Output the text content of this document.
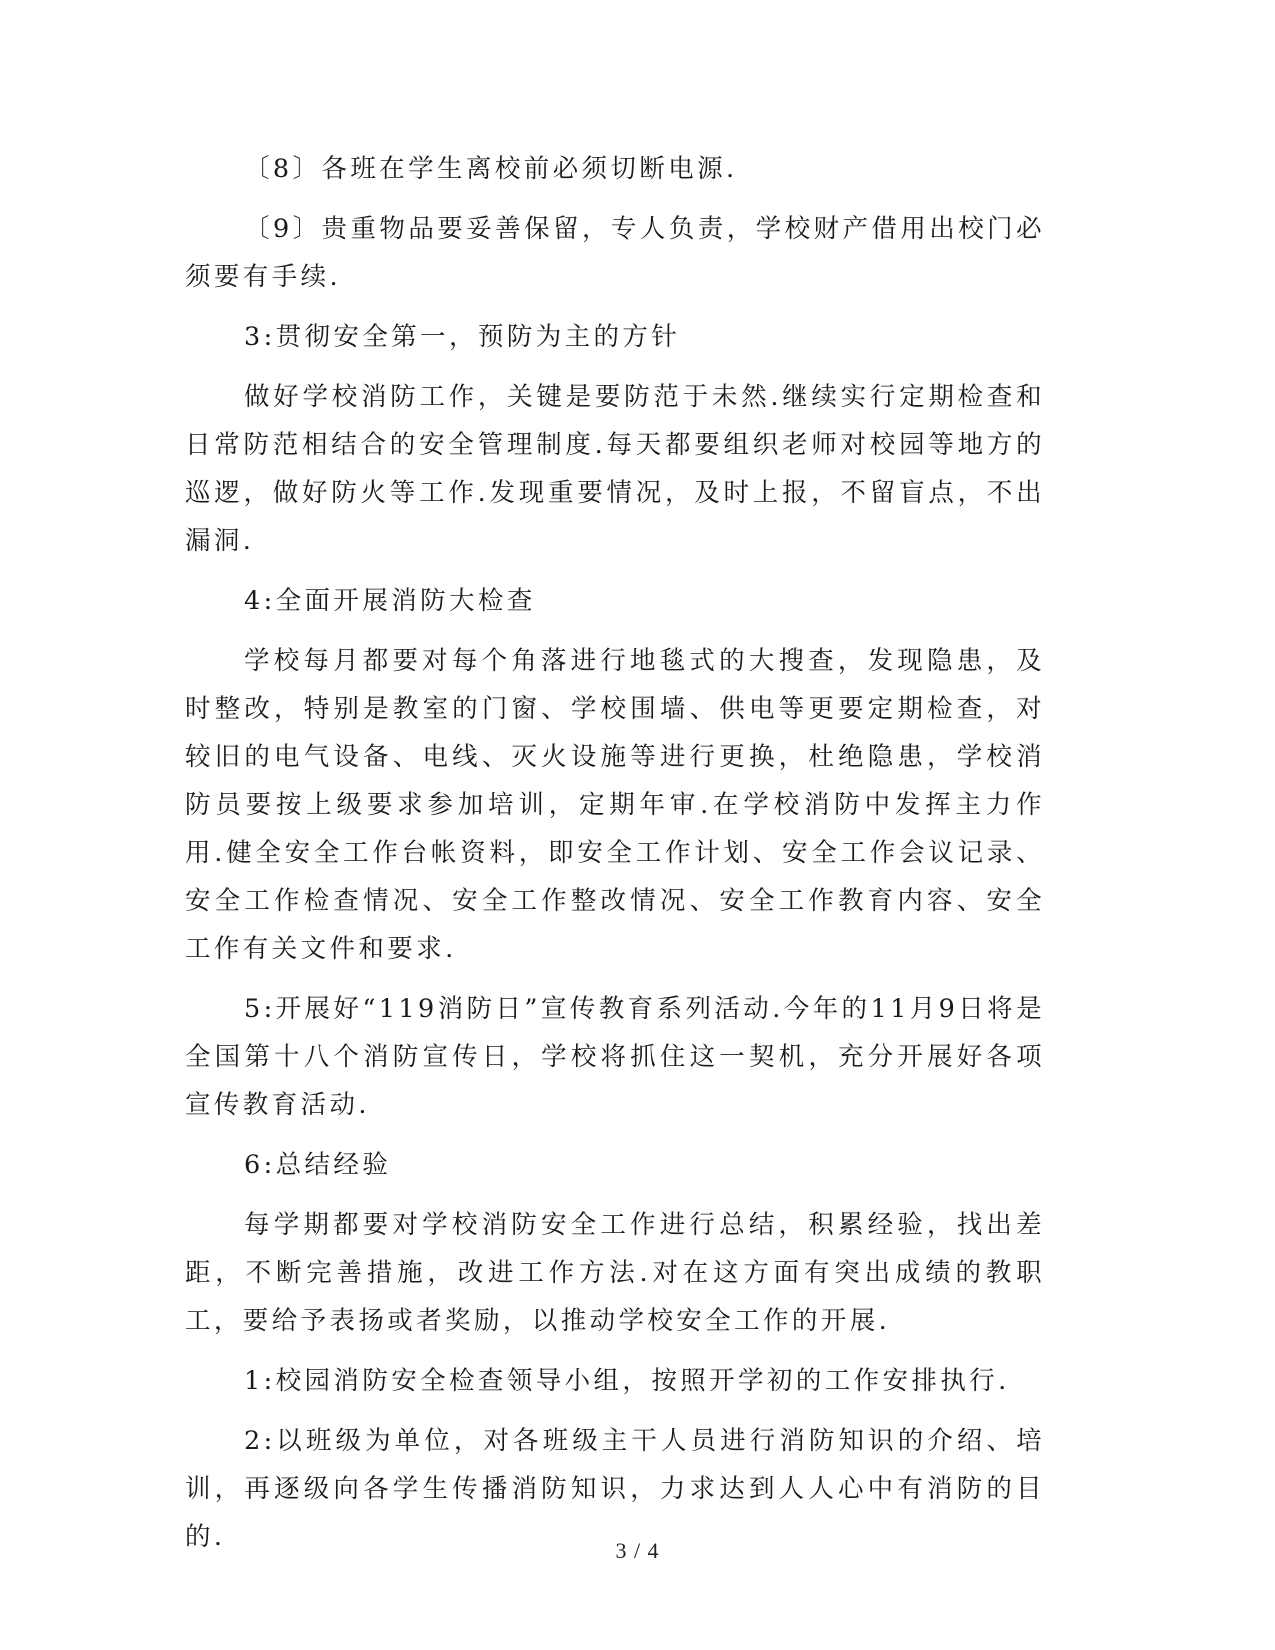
〔8〕各班在学生离校前必须切断电源.

〔9〕贵重物品要妥善保留，专人负责，学校财产借用出校门必须要有手续.

3:贯彻安全第一，预防为主的方针

做好学校消防工作，关键是要防范于未然.继续实行定期检查和日常防范相结合的安全管理制度.每天都要组织老师对校园等地方的巡逻，做好防火等工作.发现重要情况，及时上报，不留盲点，不出漏洞.

4:全面开展消防大检查

学校每月都要对每个角落进行地毯式的大搜查，发现隐患，及时整改，特别是教室的门窗、学校围墙、供电等更要定期检查，对较旧的电气设备、电线、灭火设施等进行更换，杜绝隐患，学校消防员要按上级要求参加培训，定期年审.在学校消防中发挥主力作用.健全安全工作台帐资料，即安全工作计划、安全工作会议记录、安全工作检查情况、安全工作整改情况、安全工作教育内容、安全工作有关文件和要求.

5:开展好“119消防日”宣传教育系列活动.今年的11月9日将是全国第十八个消防宣传日，学校将抓住这一契机，充分开展好各项宣传教育活动.

6:总结经验

每学期都要对学校消防安全工作进行总结，积累经验，找出差距，不断完善措施，改进工作方法.对在这方面有突出成绩的教职工，要给予表扬或者奖励，以推动学校安全工作的开展.

1:校园消防安全检查领导小组，按照开学初的工作安排执行.

2:以班级为单位，对各班级主干人员进行消防知识的介绍、培训，再逐级向各学生传播消防知识，力求达到人人心中有消防的目的.	3 / 4
